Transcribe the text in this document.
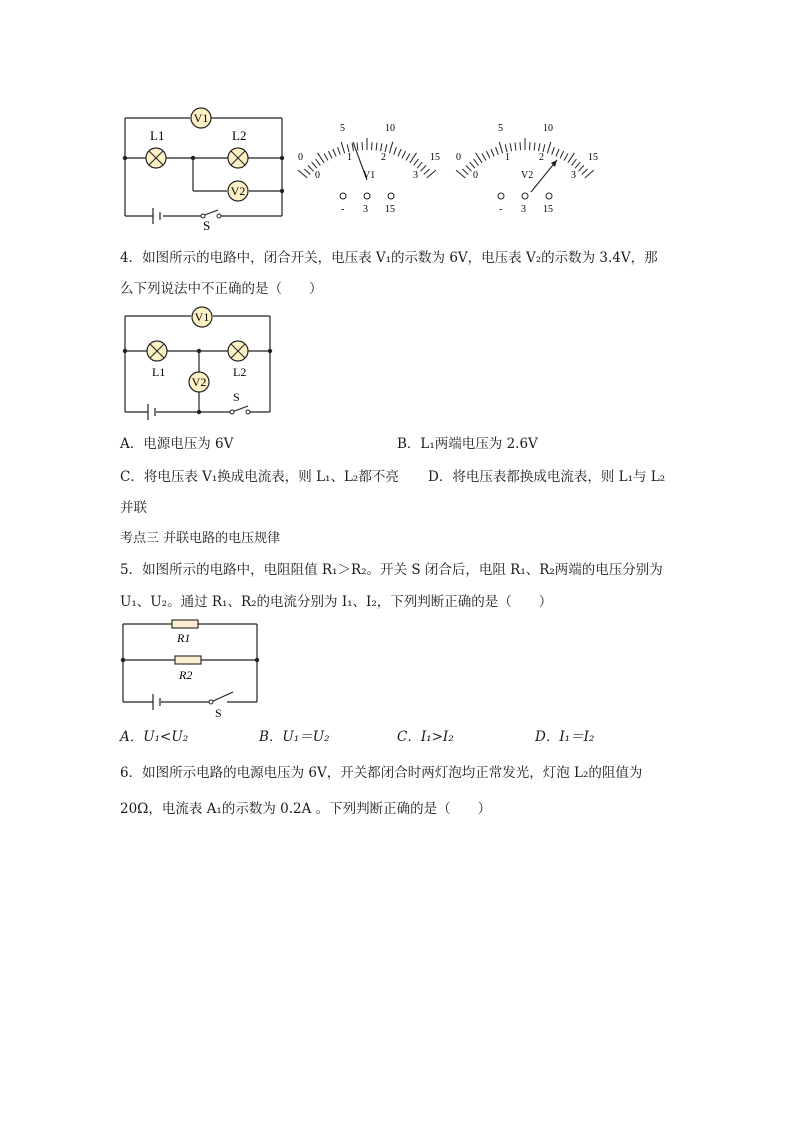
V1
L1	L2
V2
S
0
5	10
15
0
1	2
3
V1
- 3 15
0
5	10
15
0
1	2
3
V2
- 3 15
4．如图所示的电路中，闭合开关，电压表 V₁的示数为 6V，电压表 V₂的示数为 3.4V，那
么下列说法中不正确的是（　　）
V1
L1	L2
V2
S
A．电源电压为 6V	B．L₁两端电压为 2.6V
C．将电压表 V₁换成电流表，则 L₁、L₂都不亮 D．将电压表都换成电流表，则 L₁与 L₂
并联
考点三 并联电路的电压规律
5．如图所示的电路中，电阻阻值 R₁＞R₂。开关 S 闭合后，电阻 R₁、R₂两端的电压分别为
U₁、U₂。通过 R₁、R₂的电流分别为 I₁、I₂，下列判断正确的是（　　）
R1
R2
S
A．U₁<U₂	B．U₁＝U₂	C．I₁>I₂	D．I₁＝I₂
6．如图所示电路的电源电压为 6V，开关都闭合时两灯泡均正常发光，灯泡 L₂的阻值为
20Ω，电流表 A₁的示数为 0.2A 。下列判断正确的是（　　）
